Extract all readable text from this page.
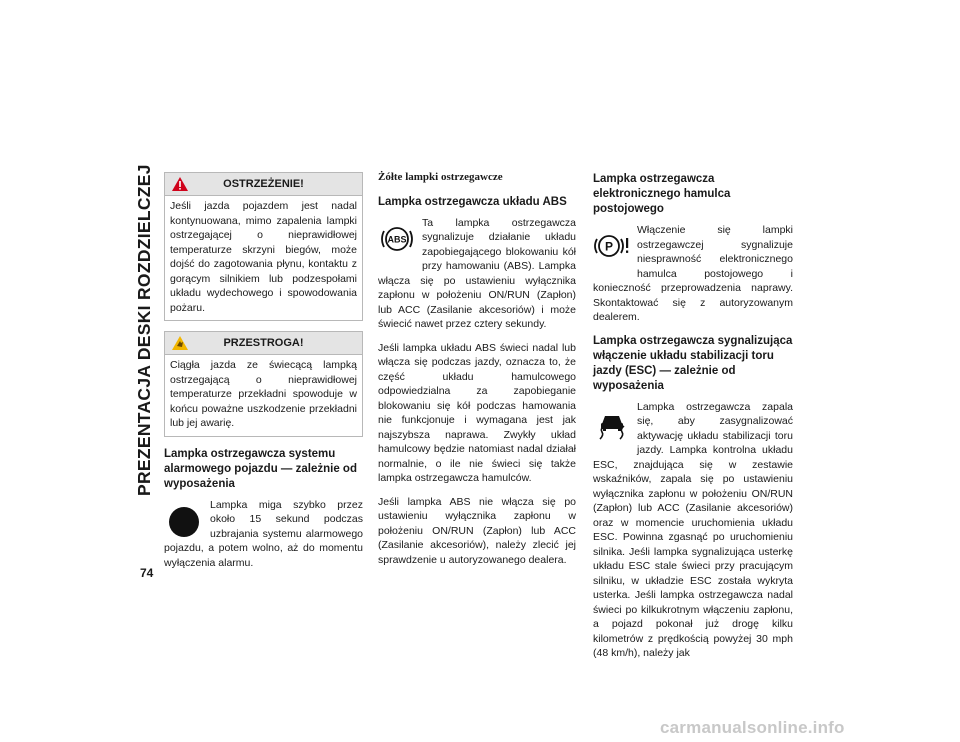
PREZENTACJA DESKI ROZDZIELCZEJ
74
OSTRZEŻENIE!
Jeśli jazda pojazdem jest nadal kontynuowana, mimo zapalenia lampki ostrzegającej o nieprawidłowej temperaturze skrzyni biegów, może dojść do zagotowania płynu, kontaktu z gorącym silnikiem lub podzespołami układu wydechowego i spowodowania pożaru.
PRZESTROGA!
Ciągła jazda ze świecącą lampką ostrzegającą o nieprawidłowej temperaturze przekładni spowoduje w końcu poważne uszkodzenie przekładni lub jej awarię.
Lampka ostrzegawcza systemu alarmowego pojazdu — zależnie od wyposażenia

Lampka miga szybko przez około 15 sekund podczas uzbrajania systemu alarmowego pojazdu, a potem wolno, aż do momentu wyłączenia alarmu.

Żółte lampki ostrzegawcze
Lampka ostrzegawcza układu ABS
ABS

Ta lampka ostrzegawcza sygnalizuje działanie układu zapobiegającego blokowaniu kół przy hamowaniu (ABS). Lampka włącza się po ustawieniu wyłącznika zapłonu w położeniu ON/RUN (Zapłon) lub ACC (Zasilanie akcesoriów) i może świecić nawet przez cztery sekundy.

Jeśli lampka układu ABS świeci nadal lub włącza się podczas jazdy, oznacza to, że część układu hamulcowego odpowiedzialna za zapobieganie blokowaniu się kół podczas hamowania nie funkcjonuje i wymagana jest jak najszybsza naprawa. Zwykły układ hamulcowy będzie natomiast nadal działał normalnie, o ile nie świeci się także lampka ostrzegawcza hamulców.

Jeśli lampka ABS nie włącza się po ustawieniu wyłącznika zapłonu w położeniu ON/RUN (Zapłon) lub ACC (Zasilanie akcesoriów), należy zlecić jej sprawdzenie u autoryzowanego dealera.

Lampka ostrzegawcza elektronicznego hamulca postojowego
P

Włączenie się lampki ostrzegawczej sygnalizuje niesprawność elektronicznego hamulca postojowego i konieczność przeprowadzenia naprawy. Skontaktować się z autoryzowanym dealerem.

Lampka ostrzegawcza sygnalizująca włączenie układu stabilizacji toru jazdy (ESC) — zależnie od wyposażenia

Lampka ostrzegawcza zapala się, aby zasygnalizować aktywację układu stabilizacji toru jazdy. Lampka kontrolna układu ESC, znajdująca się w zestawie wskaźników, zapala się po ustawieniu wyłącznika zapłonu w położeniu ON/RUN (Zapłon) lub ACC (Zasilanie akcesoriów) oraz w momencie uruchomienia układu ESC. Powinna zgasnąć po uruchomieniu silnika. Jeśli lampka sygnalizująca usterkę układu ESC stale świeci przy pracującym silniku, w układzie ESC została wykryta usterka. Jeśli lampka ostrzegawcza nadal świeci po kilkukrotnym włączeniu zapłonu, a pojazd pokonał już drogę kilku kilometrów z prędkością powyżej 30 mph (48 km/h), należy jak

carmanualsonline.info
